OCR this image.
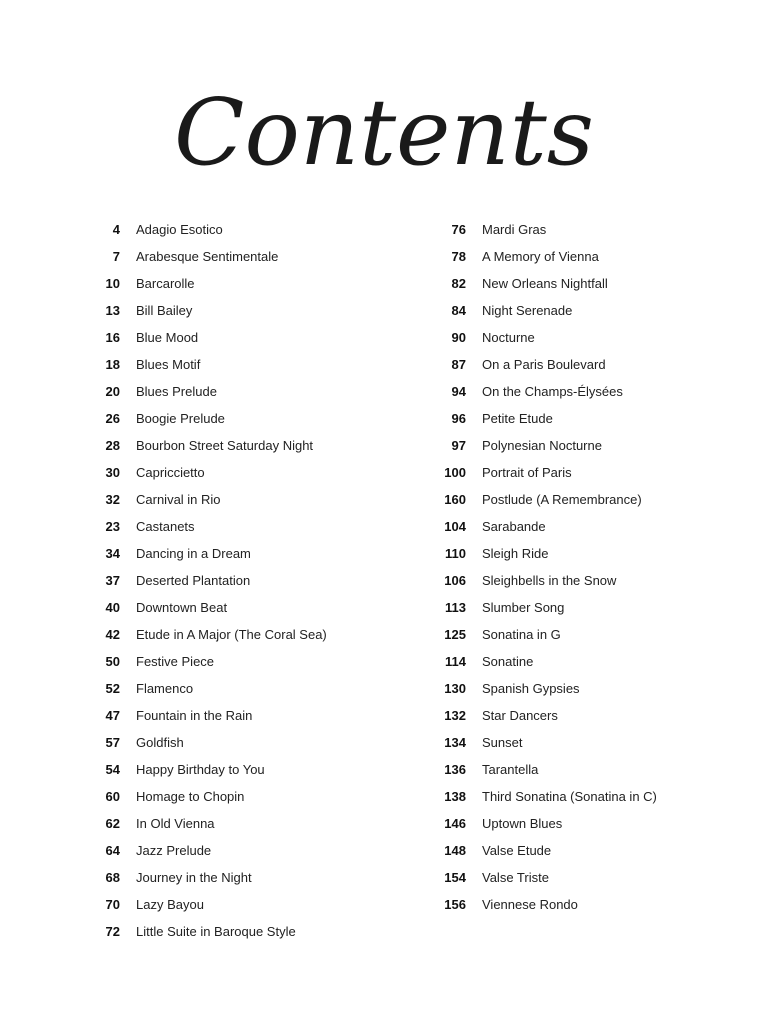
Contents
4 Adagio Esotico
7 Arabesque Sentimentale
10 Barcarolle
13 Bill Bailey
16 Blue Mood
18 Blues Motif
20 Blues Prelude
26 Boogie Prelude
28 Bourbon Street Saturday Night
30 Capriccietto
32 Carnival in Rio
23 Castanets
34 Dancing in a Dream
37 Deserted Plantation
40 Downtown Beat
42 Etude in A Major (The Coral Sea)
50 Festive Piece
52 Flamenco
47 Fountain in the Rain
57 Goldfish
54 Happy Birthday to You
60 Homage to Chopin
62 In Old Vienna
64 Jazz Prelude
68 Journey in the Night
70 Lazy Bayou
72 Little Suite in Baroque Style
76 Mardi Gras
78 A Memory of Vienna
82 New Orleans Nightfall
84 Night Serenade
90 Nocturne
87 On a Paris Boulevard
94 On the Champs-Élysées
96 Petite Etude
97 Polynesian Nocturne
100 Portrait of Paris
160 Postlude (A Remembrance)
104 Sarabande
110 Sleigh Ride
106 Sleighbells in the Snow
113 Slumber Song
125 Sonatina in G
114 Sonatine
130 Spanish Gypsies
132 Star Dancers
134 Sunset
136 Tarantella
138 Third Sonatina (Sonatina in C)
146 Uptown Blues
148 Valse Etude
154 Valse Triste
156 Viennese Rondo
